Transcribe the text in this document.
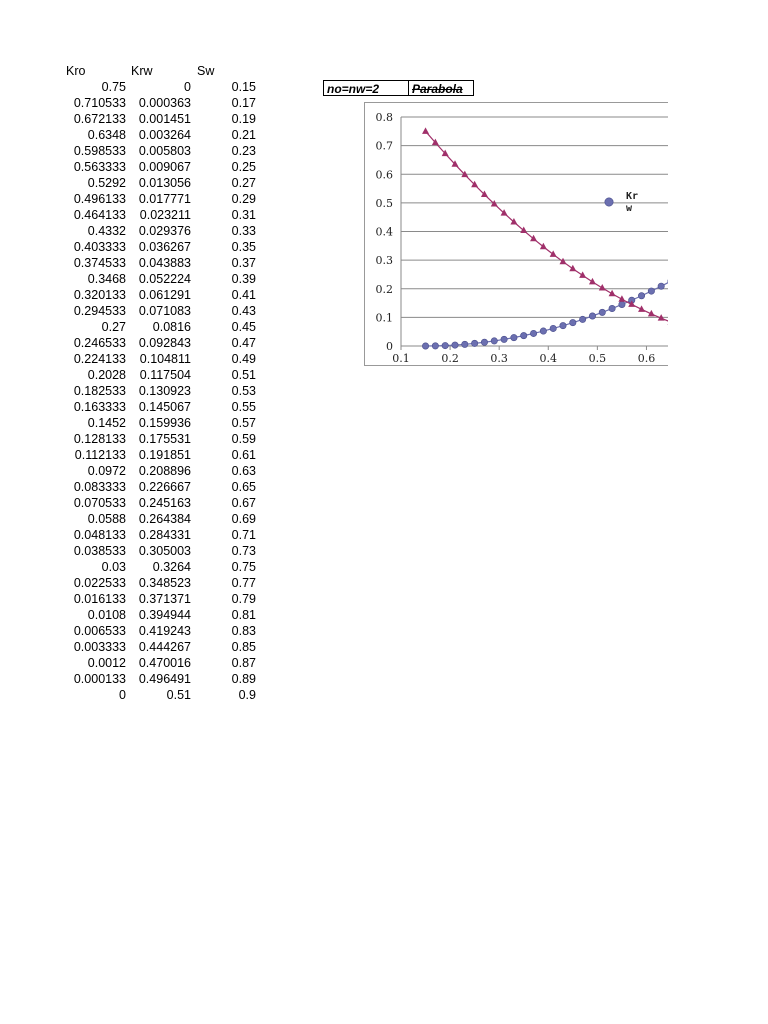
Kro	Krw	Sw
0.75	0	0.15
0.710533	0.000363	0.17
0.672133	0.001451	0.19
0.6348	0.003264	0.21
0.598533	0.005803	0.23
0.563333	0.009067	0.25
0.5292	0.013056	0.27
0.496133	0.017771	0.29
0.464133	0.023211	0.31
0.4332	0.029376	0.33
0.403333	0.036267	0.35
0.374533	0.043883	0.37
0.3468	0.052224	0.39
0.320133	0.061291	0.41
0.294533	0.071083	0.43
0.27	0.0816	0.45
0.246533	0.092843	0.47
0.224133	0.104811	0.49
0.2028	0.117504	0.51
0.182533	0.130923	0.53
0.163333	0.145067	0.55
0.1452	0.159936	0.57
0.128133	0.175531	0.59
0.112133	0.191851	0.61
0.0972	0.208896	0.63
0.083333	0.226667	0.65
0.070533	0.245163	0.67
0.0588	0.264384	0.69
0.048133	0.284331	0.71
0.038533	0.305003	0.73
0.03	0.3264	0.75
0.022533	0.348523	0.77
0.016133	0.371371	0.79
0.0108	0.394944	0.81
0.006533	0.419243	0.83
0.003333	0.444267	0.85
0.0012	0.470016	0.87
0.000133	0.496491	0.89
0	0.51	0.9
no=nw=2	Parabola
0
0.1
0.2
0.3
0.4
0.5
0.6
0.7
0.8
0.1	0.2	0.3	0.4	0.5	0.6
Kr
w
